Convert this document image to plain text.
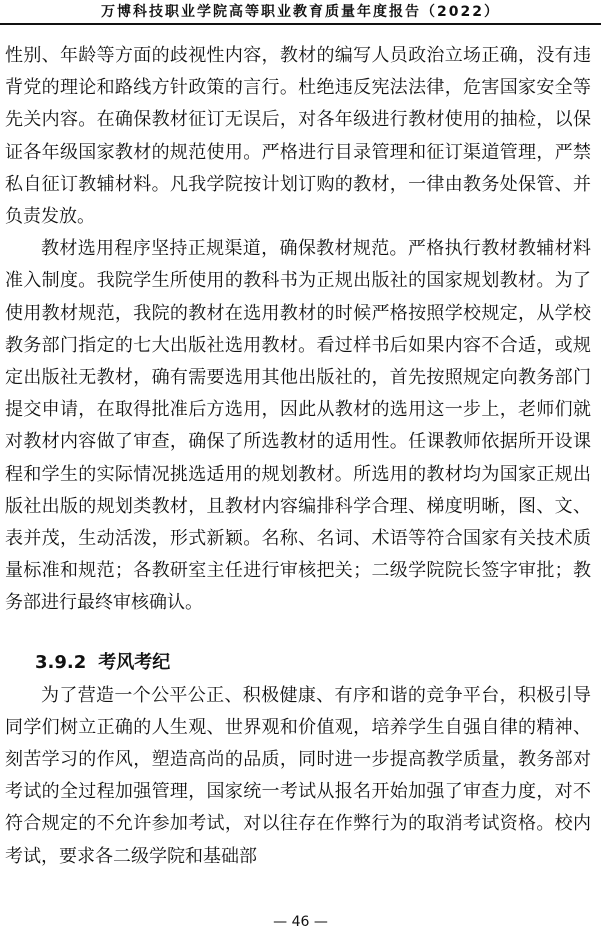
万博科技职业学院高等职业教育质量年度报告（2022）

性别、年龄等方面的歧视性内容，教材的编写人员政治立场正确，没有违背党的理论和路线方针政策的言行。杜绝违反宪法法律，危害国家安全等先关内容。在确保教材征订无误后，对各年级进行教材使用的抽检，以保证各年级国家教材的规范使用。严格进行目录管理和征订渠道管理，严禁私自征订教辅材料。凡我学院按计划订购的教材，一律由教务处保管、并负责发放。

教材选用程序坚持正规渠道，确保教材规范。严格执行教材教辅材料准入制度。我院学生所使用的教科书为正规出版社的国家规划教材。为了使用教材规范，我院的教材在选用教材的时候严格按照学校规定，从学校教务部门指定的七大出版社选用教材。看过样书后如果内容不合适，或规定出版社无教材，确有需要选用其他出版社的，首先按照规定向教务部门提交申请，在取得批准后方选用，因此从教材的选用这一步上，老师们就对教材内容做了审查，确保了所选教材的适用性。任课教师依据所开设课程和学生的实际情况挑选适用的规划教材。所选用的教材均为国家正规出版社出版的规划类教材，且教材内容编排科学合理、梯度明晰，图、文、表并茂，生动活泼，形式新颖。名称、名词、术语等符合国家有关技术质量标准和规范；各教研室主任进行审核把关；二级学院院长签字审批；教务部进行最终审核确认。

3.9.2 考风考纪

为了营造一个公平公正、积极健康、有序和谐的竞争平台，积极引导同学们树立正确的人生观、世界观和价值观，培养学生自强自律的精神、刻苦学习的作风，塑造高尚的品质，同时进一步提高教学质量，教务部对考试的全过程加强管理，国家统一考试从报名开始加强了审查力度，对不符合规定的不允许参加考试，对以往存在作弊行为的取消考试资格。校内考试，要求各二级学院和基础部

— 46 —
